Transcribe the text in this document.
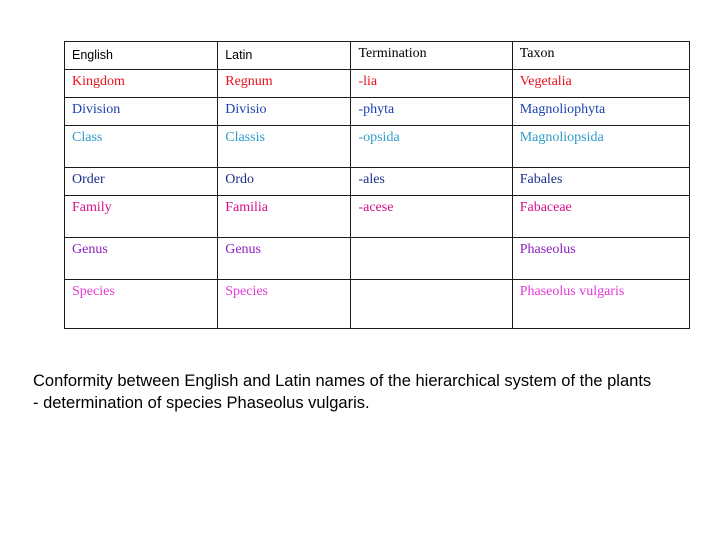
English	Latin	Termination	Taxon
Kingdom	Regnum	-lia	Vegetalia
Division	Divisio	-phyta	Magnoliophyta
Class	Classis	-opsida	Magnoliopsida
Order	Ordo	-ales	Fabales
Family	Familia	-acese	Fabaceae
Genus	Genus		Phaseolus
Species	Species		Phaseolus vulgaris

Conformity between English and Latin names of the hierarchical system of the plants
- determination of species Phaseolus vulgaris.
